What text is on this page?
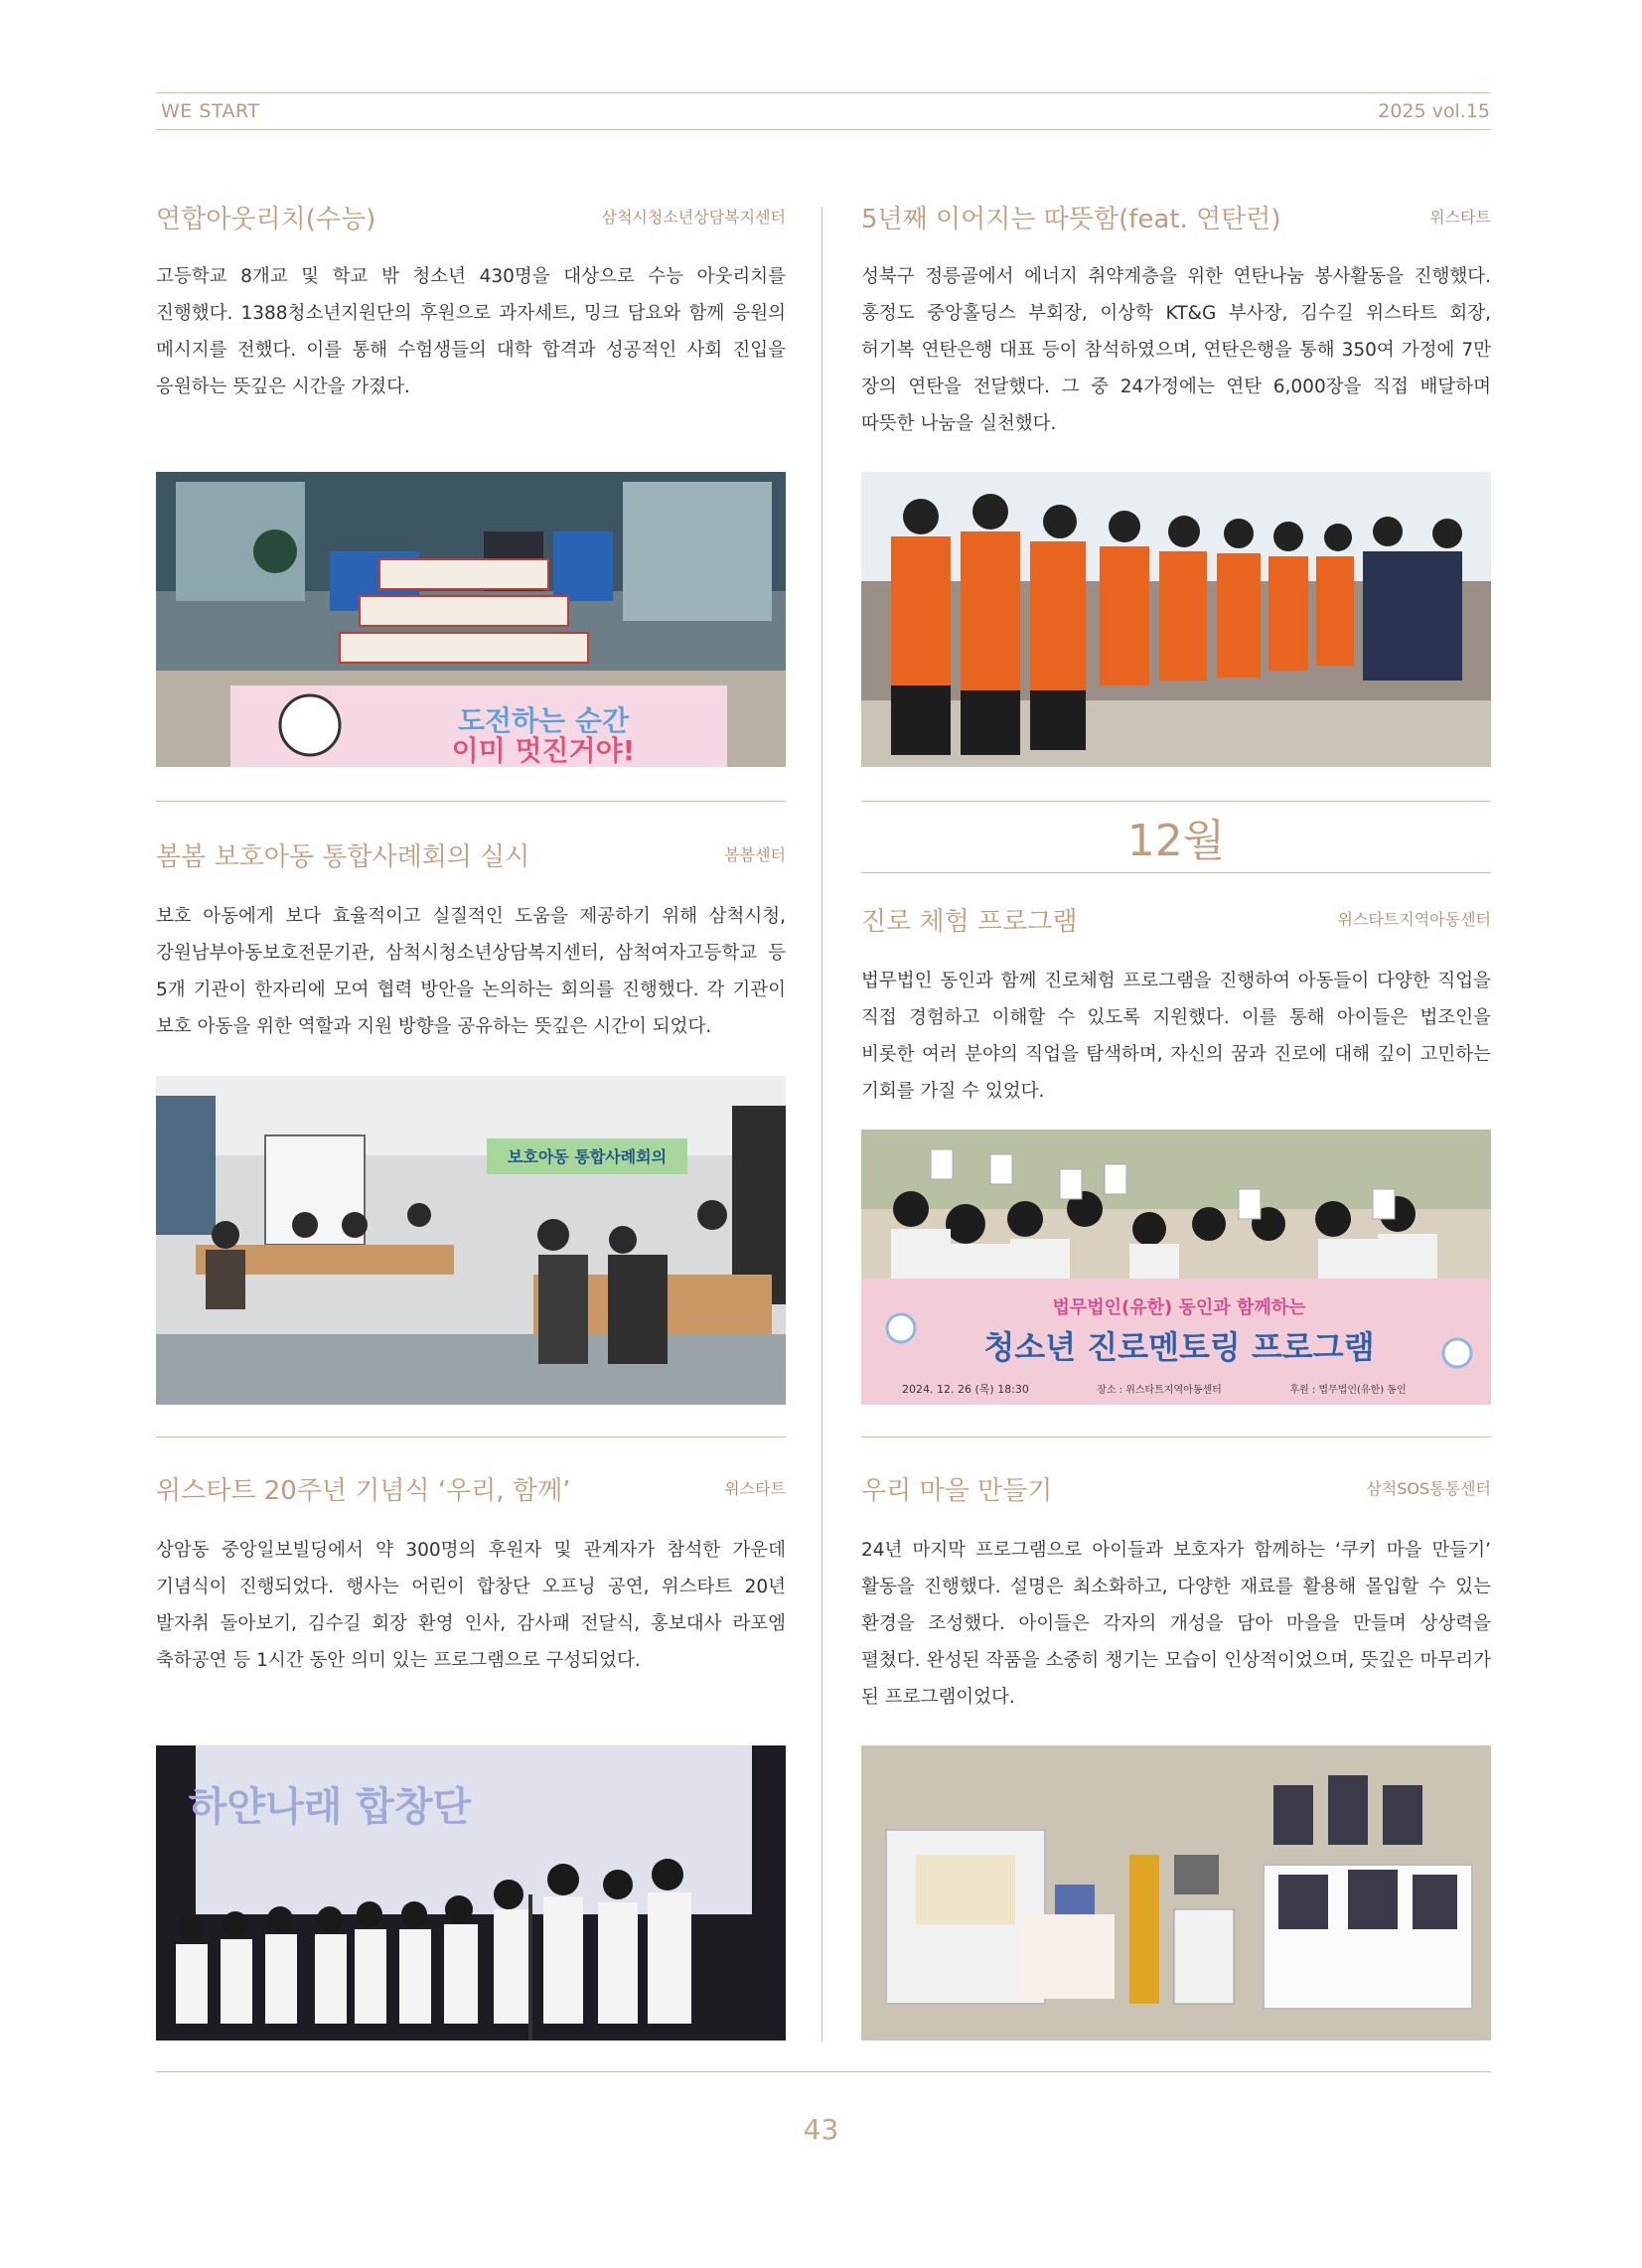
WE START	2025 vol.15
연합아웃리치(수능)	삼척시청소년상담복지센터

고등학교 8개교 및 학교 밖 청소년 430명을 대상으로 수능 아웃리치를 진행했다. 1388청소년지원단의 후원으로 과자세트, 밍크 담요와 함께 응원의 메시지를 전했다. 이를 통해 수험생들의 대학 합격과 성공적인 사회 진입을 응원하는 뜻깊은 시간을 가졌다.

도전하는 순간
이미 멋진거야!
5년째 이어지는 따뜻함(feat. 연탄런)	위스타트

성북구 정릉골에서 에너지 취약계층을 위한 연탄나눔 봉사활동을 진행했다. 홍정도 중앙홀딩스 부회장, 이상학 KT&G 부사장, 김수길 위스타트 회장, 허기복 연탄은행 대표 등이 참석하였으며, 연탄은행을 통해 350여 가정에 7만 장의 연탄을 전달했다. 그 중 24가정에는 연탄 6,000장을 직접 배달하며 따뜻한 나눔을 실천했다.

12월
봄봄 보호아동 통합사례회의 실시	봄봄센터

보호 아동에게 보다 효율적이고 실질적인 도움을 제공하기 위해 삼척시청, 강원남부아동보호전문기관, 삼척시청소년상담복지센터, 삼척여자고등학교 등 5개 기관이 한자리에 모여 협력 방안을 논의하는 회의를 진행했다. 각 기관이 보호 아동을 위한 역할과 지원 방향을 공유하는 뜻깊은 시간이 되었다.

보호아동 통합사례회의
진로 체험 프로그램	위스타트지역아동센터

법무법인 동인과 함께 진로체험 프로그램을 진행하여 아동들이 다양한 직업을 직접 경험하고 이해할 수 있도록 지원했다. 이를 통해 아이들은 법조인을 비롯한 여러 분야의 직업을 탐색하며, 자신의 꿈과 진로에 대해 깊이 고민하는 기회를 가질 수 있었다.

법무법인(유한) 동인과 함께하는
청소년 진로멘토링 프로그램
2024. 12. 26 (목) 18:30	장소 : 위스타트지역아동센터	후원 : 법무법인(유한) 동인
위스타트 20주년 기념식 ‘우리, 함께’	위스타트

상암동 중앙일보빌딩에서 약 300명의 후원자 및 관계자가 참석한 가운데 기념식이 진행되었다. 행사는 어린이 합창단 오프닝 공연, 위스타트 20년 발자취 돌아보기, 김수길 회장 환영 인사, 감사패 전달식, 홍보대사 라포엠 축하공연 등 1시간 동안 의미 있는 프로그램으로 구성되었다.

하얀나래 합창단
우리 마을 만들기	삼척SOS통통센터

24년 마지막 프로그램으로 아이들과 보호자가 함께하는 ‘쿠키 마을 만들기’ 활동을 진행했다. 설명은 최소화하고, 다양한 재료를 활용해 몰입할 수 있는 환경을 조성했다. 아이들은 각자의 개성을 담아 마을을 만들며 상상력을 펼쳤다. 완성된 작품을 소중히 챙기는 모습이 인상적이었으며, 뜻깊은 마무리가 된 프로그램이었다.

43
